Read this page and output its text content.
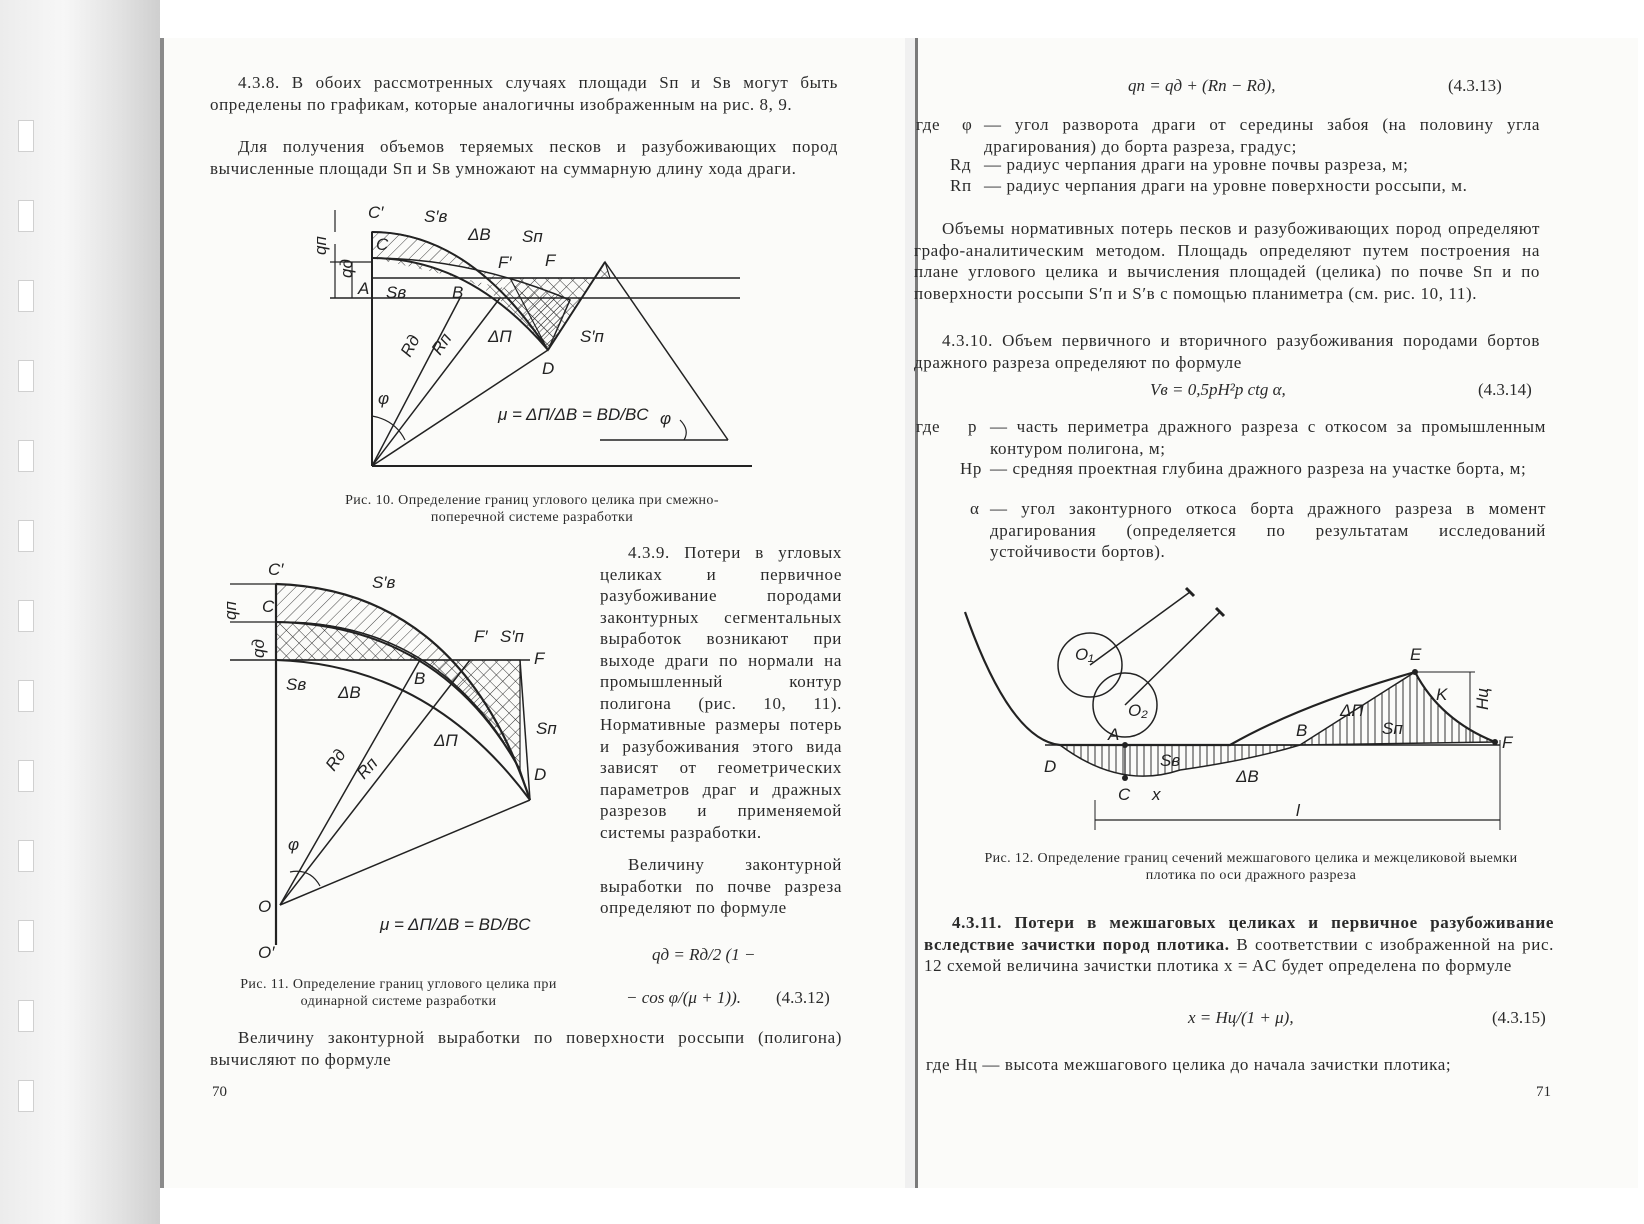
4.3.8. В обоих рассмотренных случаях площади Sп и Sв могут быть определены по графикам, которые аналогичны изображенным на рис. 8, 9.

Для получения объемов теряемых песков и разубоживающих пород вычисленные площади Sп и Sв умножают на суммарную длину хода драги.

C′
C
A	B
D
qп
qд
S′в
ΔB Sп
F′ F
Sв
Rд Rп ΔП	S′п
φ
φ
μ = ΔП/ΔB = BD/BC

Рис. 10. Определение границ углового целика при смежно-поперечной системе разработки

C′
C
S′в
qп
qд
F′ S′п
F
Sв ΔB
B
Sп
ΔП
Rд Rп	D
φ
O
O′
μ = ΔП/ΔB = BD/BC

4.3.9. Потери в угловых целиках и первичное разубоживание породами законтурных сегментальных выработок возникают при выходе драги по нормали на промышленный контур полигона (рис. 10, 11). Нормативные размеры потерь и разубоживания этого вида зависят от геометрических параметров драг и дражных разрезов и применяемой системы разработки.

Величину законтурной выработки по почве разреза определяют по формуле

qд = Rд/2 (1 −
− cos φ/(μ + 1)). (4.3.12)

Рис. 11. Определение границ углового целика при одинарной системе разработки

Величину законтурной выработки по поверхности россыпи (полигона) вычисляют по формуле

70
qп = qд + (Rп − Rд),	(4.3.13)
где φ — угол разворота драги от середины забоя (на половину угла драгирования) до борта разреза, градус;

Rд — радиус черпания драги на уровне почвы разреза, м;

Rп — радиус черпания драги на уровне поверхности россыпи, м.

Объемы нормативных потерь песков и разубоживающих пород определяют графо-аналитическим методом. Площадь определяют путем построения на плане углового целика и вычисления площадей (целика) по почве Sп и по поверхности россыпи S′п и S′в с помощью планиметра (см. рис. 10, 11).

4.3.10. Объем первичного и вторичного разубоживания породами бортов дражного разреза определяют по формуле

Vв = 0,5pH²р ctg α,	(4.3.14)
где p — часть периметра дражного разреза с откосом за промышленным контуром полигона, м;

Hр — средняя проектная глубина дражного разреза на участке борта, м;

α — угол законтурного откоса борта дражного разреза в момент драгирования (определяется по результатам исследований устойчивости бортов).

O₁
O₂
E
K Hц
A	B
ΔП
Sп
F
D	Sв
ΔB
C x
l

Рис. 12. Определение границ сечений межшагового целика и межцеликовой выемки плотика по оси дражного разреза

4.3.11. Потери в межшаговых целиках и первичное разубоживание вследствие зачистки пород плотика. В соответствии с изображенной на рис. 12 схемой величина зачистки плотика x = AC будет определена по формуле

x = Hц/(1 + μ),	(4.3.15)

где Hц — высота межшагового целика до начала зачистки плотика;

71
